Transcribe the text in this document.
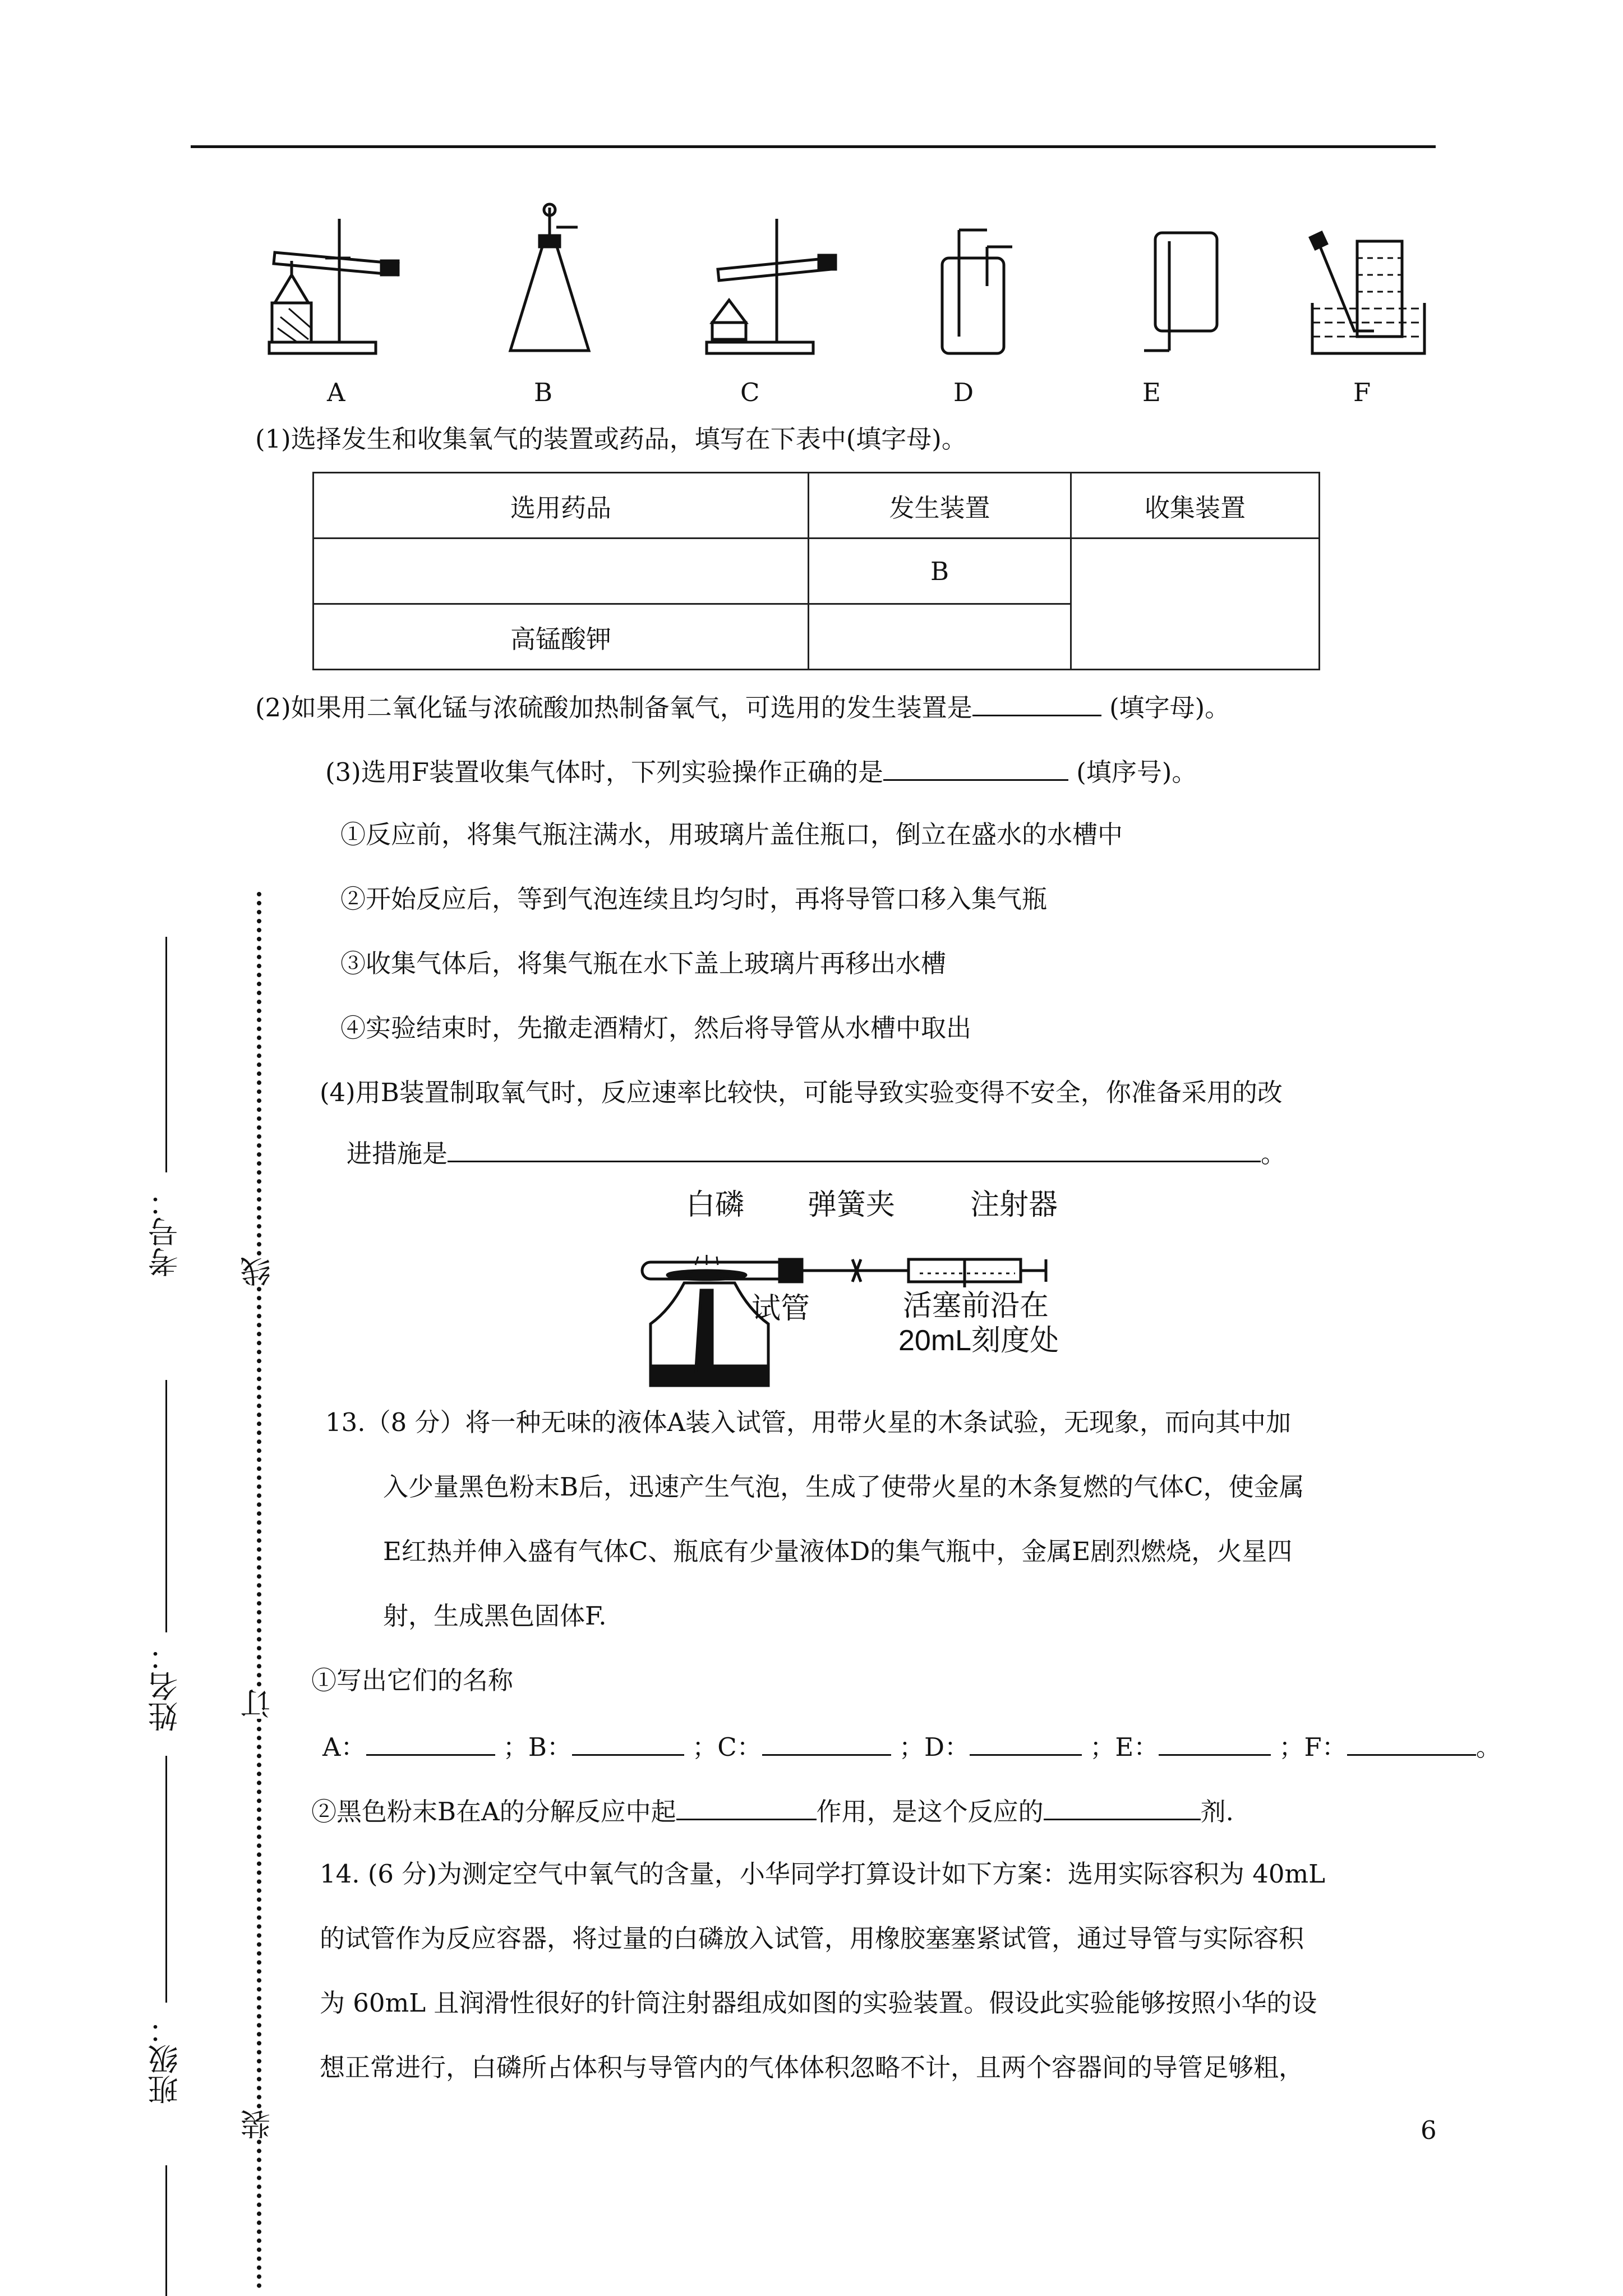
A	B	C	D	E	F
(1)选择发生和收集氧气的装置或药品，填写在下表中(填字母)。
选用药品	发生装置	收集装置
	B	
高锰酸钾		
(2)如果用二氧化锰与浓硫酸加热制备氧气，可选用的发生装置是	(填字母)。
(3)选用F装置收集气体时，下列实验操作正确的是	(填序号)。
①反应前，将集气瓶注满水，用玻璃片盖住瓶口，倒立在盛水的水槽中
②开始反应后，等到气泡连续且均匀时，再将导管口移入集气瓶
③收集气体后，将集气瓶在水下盖上玻璃片再移出水槽
④实验结束时，先撤走酒精灯，然后将导管从水槽中取出
(4)用B装置制取氧气时，反应速率比较快，可能导致实验变得不安全，你准备采用的改
进措施是	。
白磷 弹簧夹	注射器
试管	活塞前沿在
20mL刻度处
13.（8 分）将一种无味的液体A装入试管，用带火星的木条试验，无现象，而向其中加
入少量黑色粉末B后，迅速产生气泡，生成了使带火星的木条复燃的气体C，使金属
E红热并伸入盛有气体C、瓶底有少量液体D的集气瓶中，金属E剧烈燃烧，火星四
射，生成黑色固体F.
①写出它们的名称
A：	；B：	；C：	；D：	；E：	；F：	。
②黑色粉末B在A的分解反应中起	作用，是这个反应的	剂.
14. (6 分)为测定空气中氧气的含量，小华同学打算设计如下方案：选用实际容积为 40mL
的试管作为反应容器，将过量的白磷放入试管，用橡胶塞塞紧试管，通过导管与实际容积
为 60mL 且润滑性很好的针筒注射器组成如图的实验装置。假设此实验能够按照小华的设
想正常进行，白磷所占体积与导管内的气体体积忽略不计，且两个容器间的导管足够粗，
6
线
订
装
考号：
姓名：
班级：
